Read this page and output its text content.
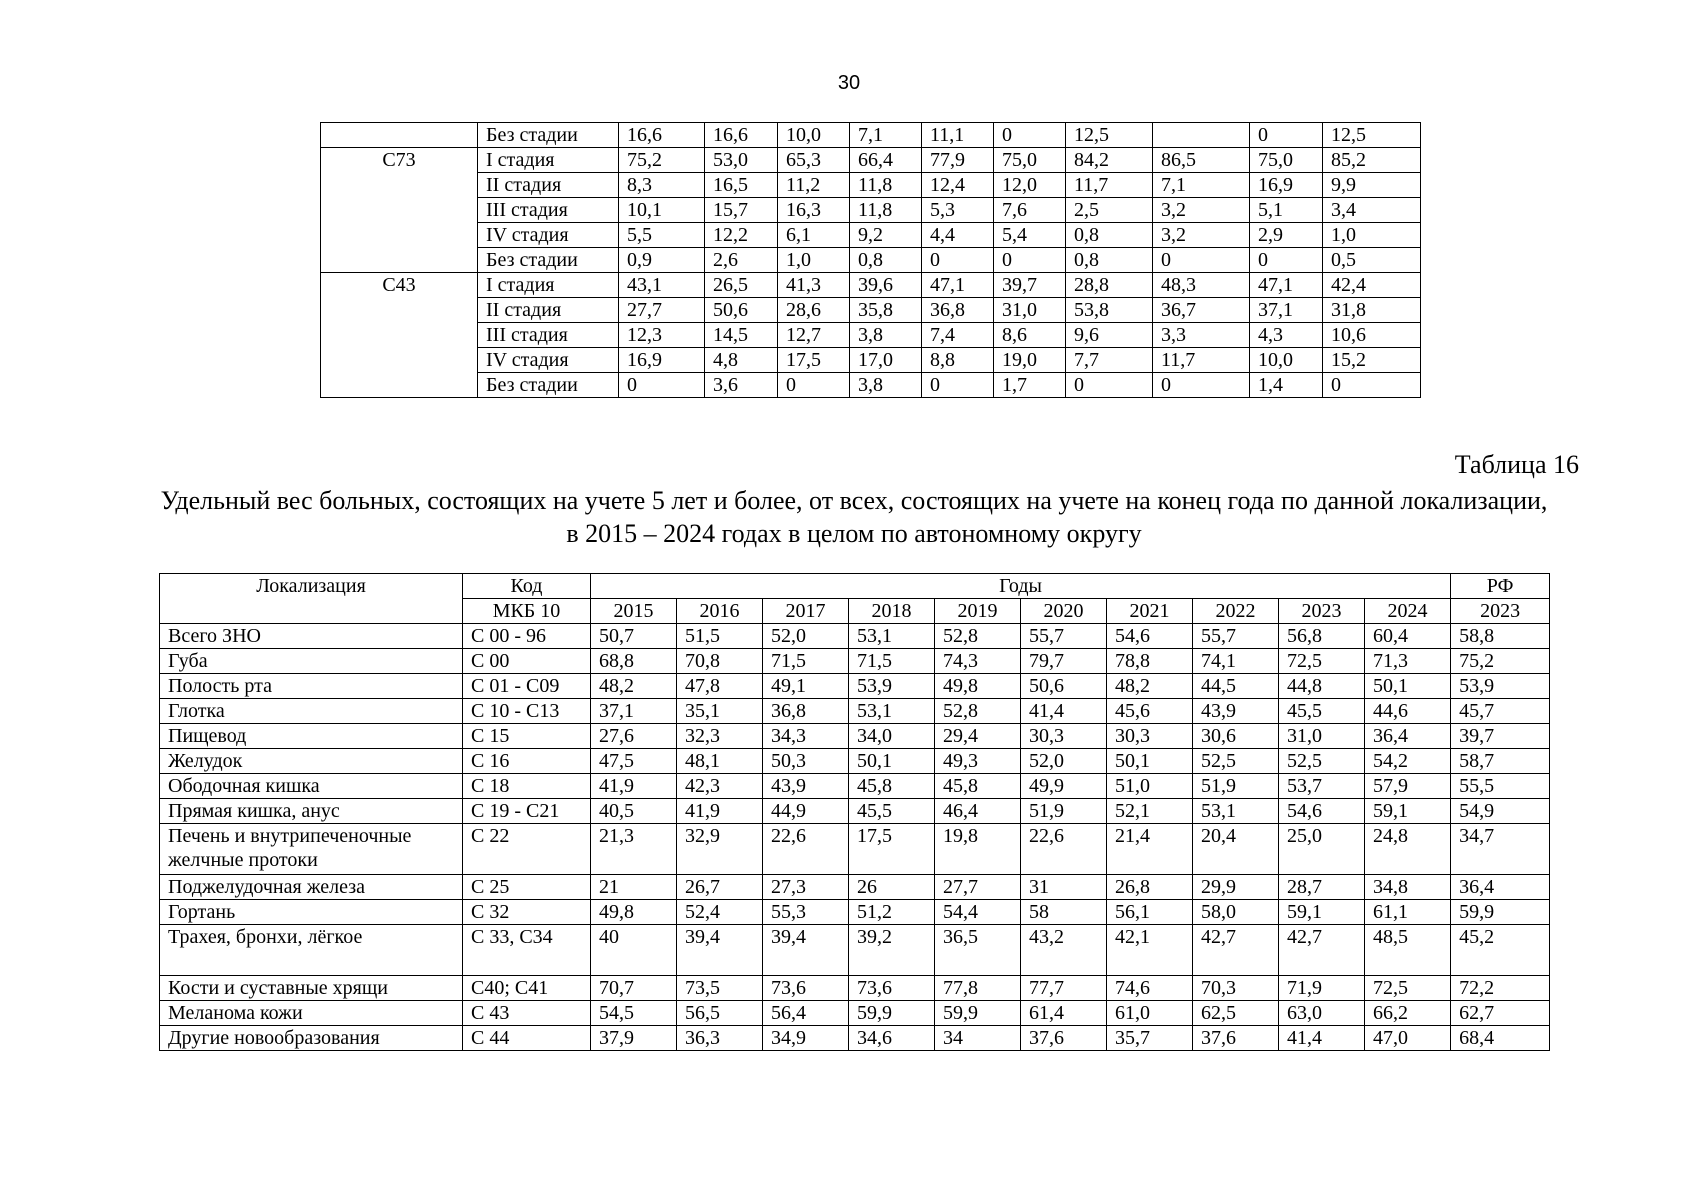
30
	Без стадии	16,6	16,6	10,0	7,1	11,1	0	12,5		0	12,5
C73	I стадия	75,2	53,0	65,3	66,4	77,9	75,0	84,2	86,5	75,0	85,2
	II стадия	8,3	16,5	11,2	11,8	12,4	12,0	11,7	7,1	16,9	9,9
	III стадия	10,1	15,7	16,3	11,8	5,3	7,6	2,5	3,2	5,1	3,4
	IV стадия	5,5	12,2	6,1	9,2	4,4	5,4	0,8	3,2	2,9	1,0
	Без стадии	0,9	2,6	1,0	0,8	0	0	0,8	0	0	0,5
C43	I стадия	43,1	26,5	41,3	39,6	47,1	39,7	28,8	48,3	47,1	42,4
	II стадия	27,7	50,6	28,6	35,8	36,8	31,0	53,8	36,7	37,1	31,8
	III стадия	12,3	14,5	12,7	3,8	7,4	8,6	9,6	3,3	4,3	10,6
	IV стадия	16,9	4,8	17,5	17,0	8,8	19,0	7,7	11,7	10,0	15,2
	Без стадии	0	3,6	0	3,8	0	1,7	0	0	1,4	0
Таблица 16
Удельный вес больных, состоящих на учете 5 лет и более, от всех, состоящих на учете на конец года по данной локализации, в 2015 – 2024 годах в целом по автономному округу
Локализация	Код	Годы										РФ
	МКБ 10	2015	2016	2017	2018	2019	2020	2021	2022	2023	2024	2023
Всего ЗНО	С 00 - 96	50,7	51,5	52,0	53,1	52,8	55,7	54,6	55,7	56,8	60,4	58,8
Губа	С 00	68,8	70,8	71,5	71,5	74,3	79,7	78,8	74,1	72,5	71,3	75,2
Полость рта	С 01 - С09	48,2	47,8	49,1	53,9	49,8	50,6	48,2	44,5	44,8	50,1	53,9
Глотка	С 10 - С13	37,1	35,1	36,8	53,1	52,8	41,4	45,6	43,9	45,5	44,6	45,7
Пищевод	С 15	27,6	32,3	34,3	34,0	29,4	30,3	30,3	30,6	31,0	36,4	39,7
Желудок	С 16	47,5	48,1	50,3	50,1	49,3	52,0	50,1	52,5	52,5	54,2	58,7
Ободочная кишка	С 18	41,9	42,3	43,9	45,8	45,8	49,9	51,0	51,9	53,7	57,9	55,5
Прямая кишка, анус	С 19 - С21	40,5	41,9	44,9	45,5	46,4	51,9	52,1	53,1	54,6	59,1	54,9
Печень и внутрипеченочные желчные протоки	С 22	21,3	32,9	22,6	17,5	19,8	22,6	21,4	20,4	25,0	24,8	34,7
Поджелудочная железа	С 25	21	26,7	27,3	26	27,7	31	26,8	29,9	28,7	34,8	36,4
Гортань	С 32	49,8	52,4	55,3	51,2	54,4	58	56,1	58,0	59,1	61,1	59,9
Трахея, бронхи, лёгкое	С 33, С34	40	39,4	39,4	39,2	36,5	43,2	42,1	42,7	42,7	48,5	45,2
Кости и суставные хрящи	С40; С41	70,7	73,5	73,6	73,6	77,8	77,7	74,6	70,3	71,9	72,5	72,2
Меланома кожи	С 43	54,5	56,5	56,4	59,9	59,9	61,4	61,0	62,5	63,0	66,2	62,7
Другие новообразования	С 44	37,9	36,3	34,9	34,6	34	37,6	35,7	37,6	41,4	47,0	68,4
